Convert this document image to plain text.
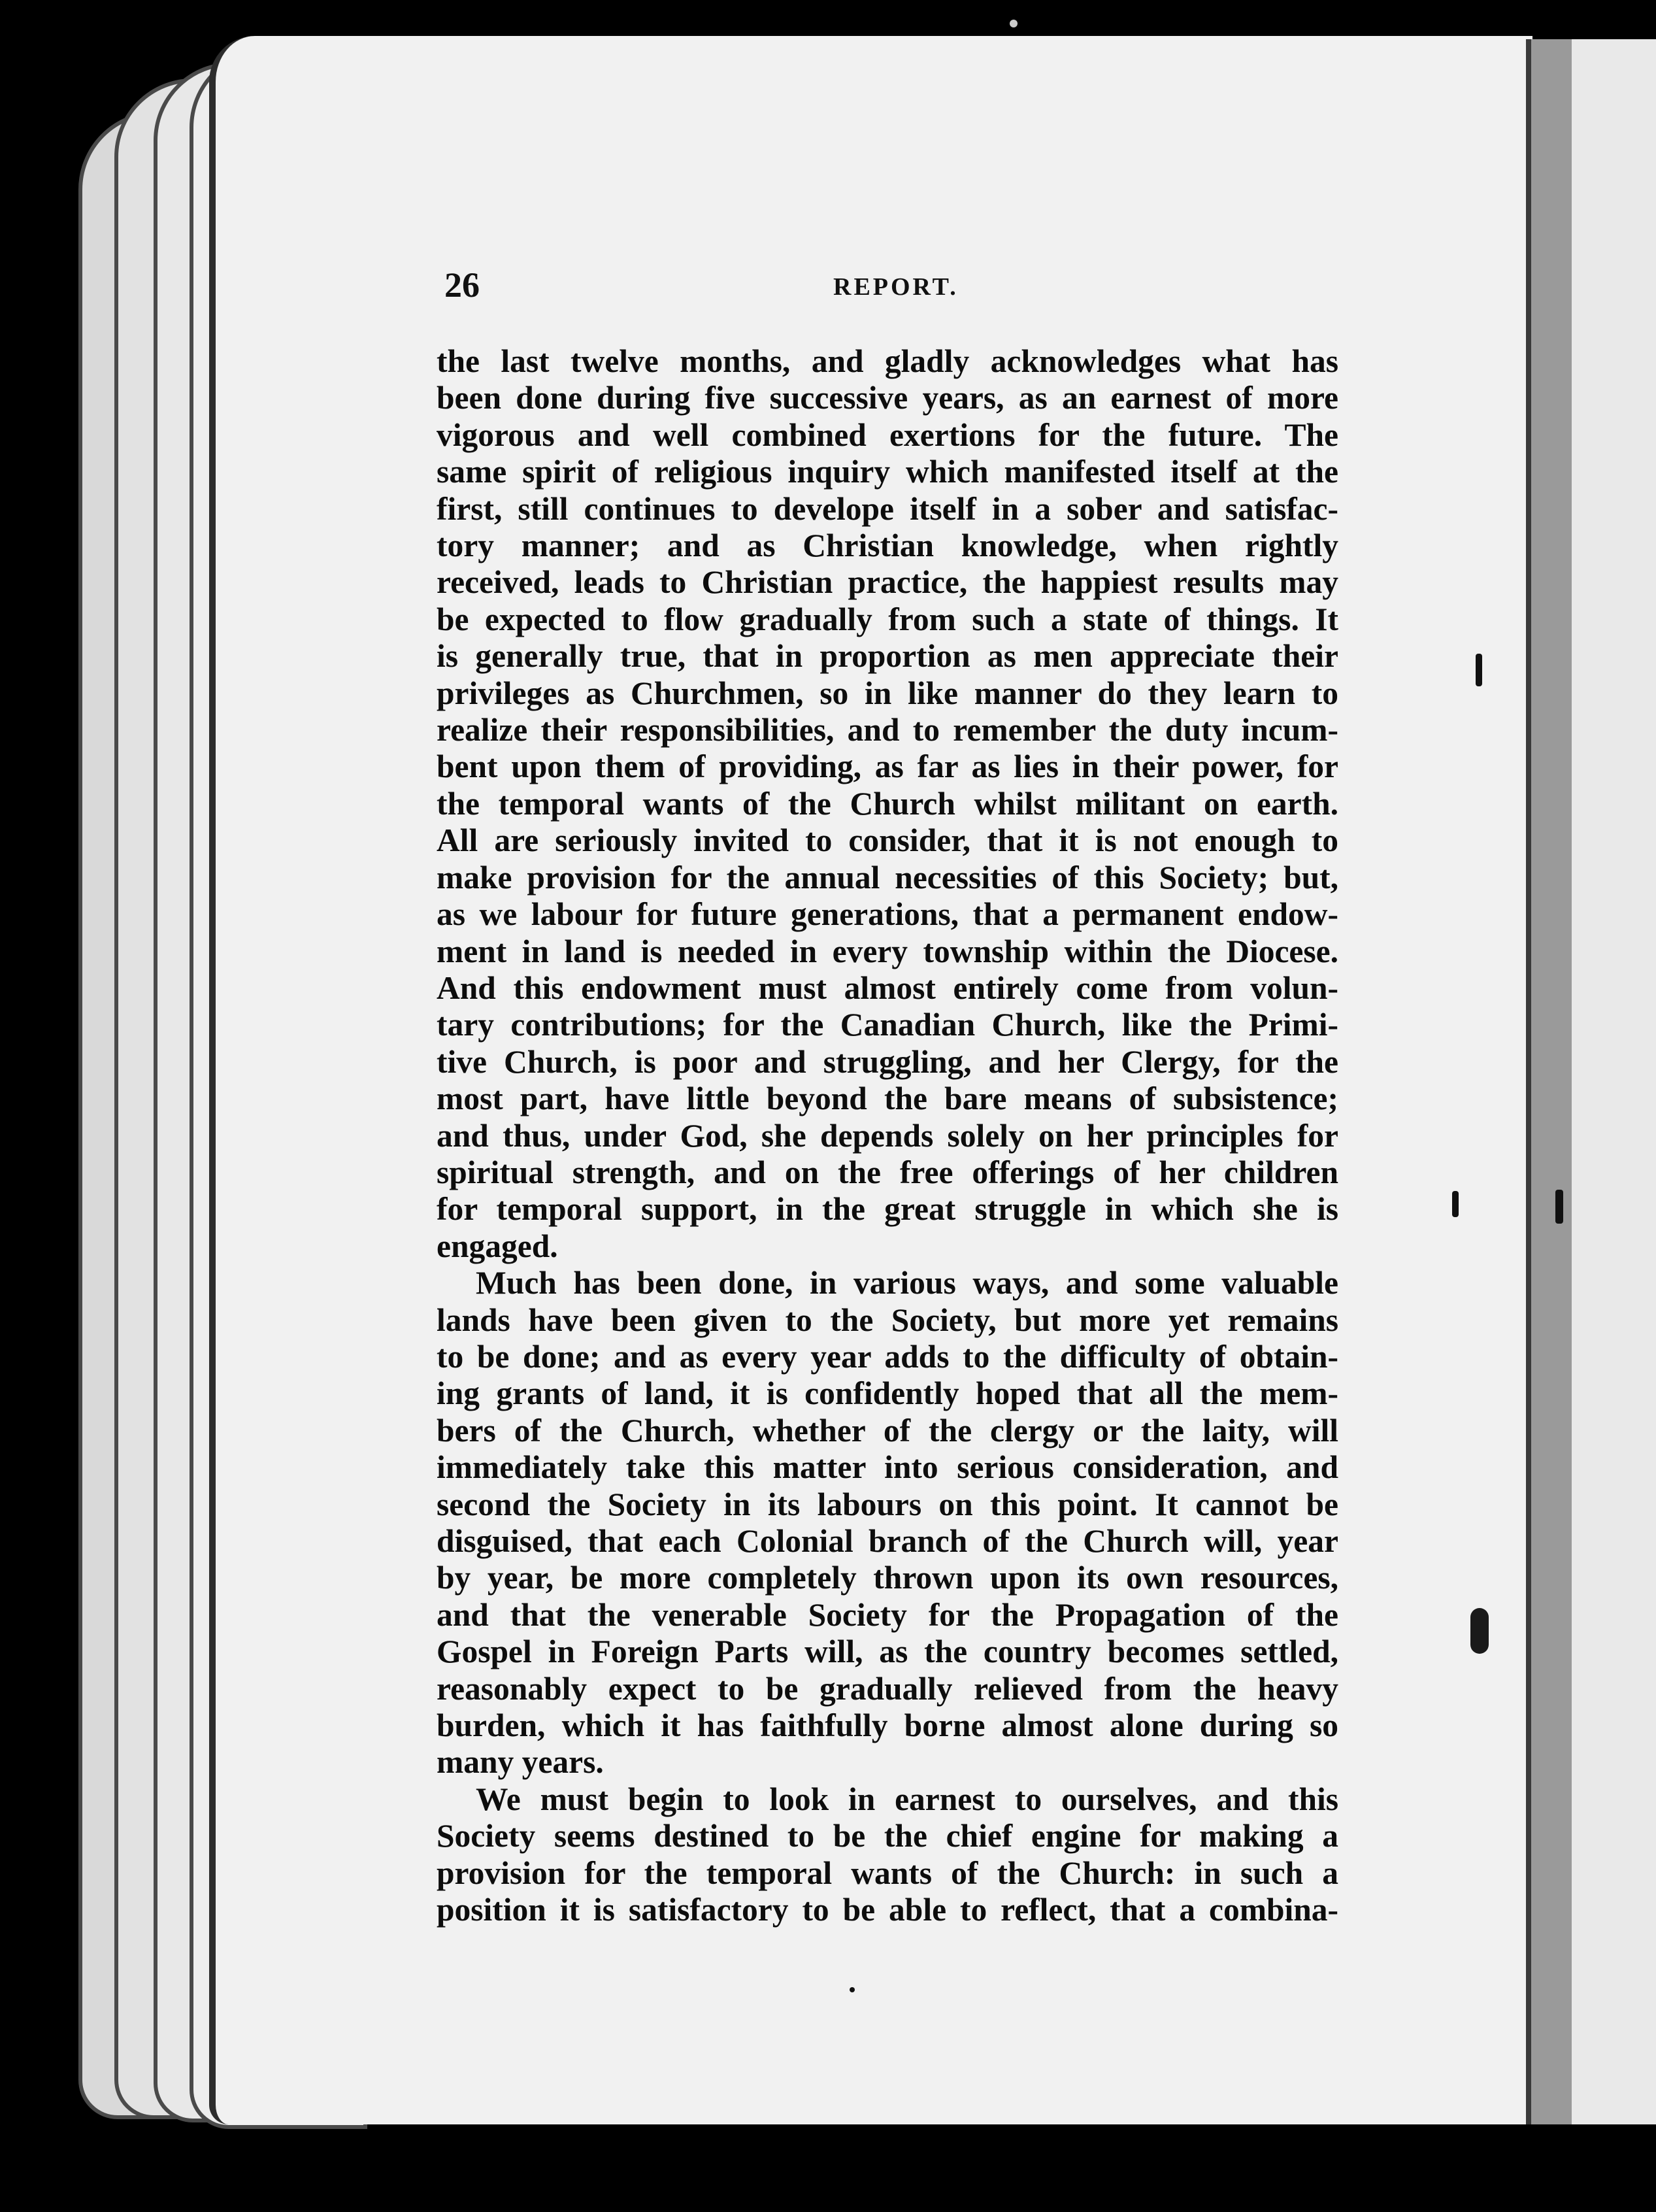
26	REPORT.
the last twelve months, and gladly acknowledges what has
been done during five successive years, as an earnest of more
vigorous and well combined exertions for the future. The
same spirit of religious inquiry which manifested itself at the
first, still continues to develope itself in a sober and satisfac-
tory manner; and as Christian knowledge, when rightly
received, leads to Christian practice, the happiest results may
be expected to flow gradually from such a state of things. It
is generally true, that in proportion as men appreciate their
privileges as Churchmen, so in like manner do they learn to
realize their responsibilities, and to remember the duty incum-
bent upon them of providing, as far as lies in their power, for
the temporal wants of the Church whilst militant on earth.
All are seriously invited to consider, that it is not enough to
make provision for the annual necessities of this Society; but,
as we labour for future generations, that a permanent endow-
ment in land is needed in every township within the Diocese.
And this endowment must almost entirely come from volun-
tary contributions; for the Canadian Church, like the Primi-
tive Church, is poor and struggling, and her Clergy, for the
most part, have little beyond the bare means of subsistence;
and thus, under God, she depends solely on her principles for
spiritual strength, and on the free offerings of her children
for temporal support, in the great struggle in which she is
engaged.
Much has been done, in various ways, and some valuable
lands have been given to the Society, but more yet remains
to be done; and as every year adds to the difficulty of obtain-
ing grants of land, it is confidently hoped that all the mem-
bers of the Church, whether of the clergy or the laity, will
immediately take this matter into serious consideration, and
second the Society in its labours on this point. It cannot be
disguised, that each Colonial branch of the Church will, year
by year, be more completely thrown upon its own resources,
and that the venerable Society for the Propagation of the
Gospel in Foreign Parts will, as the country becomes settled,
reasonably expect to be gradually relieved from the heavy
burden, which it has faithfully borne almost alone during so
many years.
We must begin to look in earnest to ourselves, and this
Society seems destined to be the chief engine for making a
provision for the temporal wants of the Church: in such a
position it is satisfactory to be able to reflect, that a combina-
